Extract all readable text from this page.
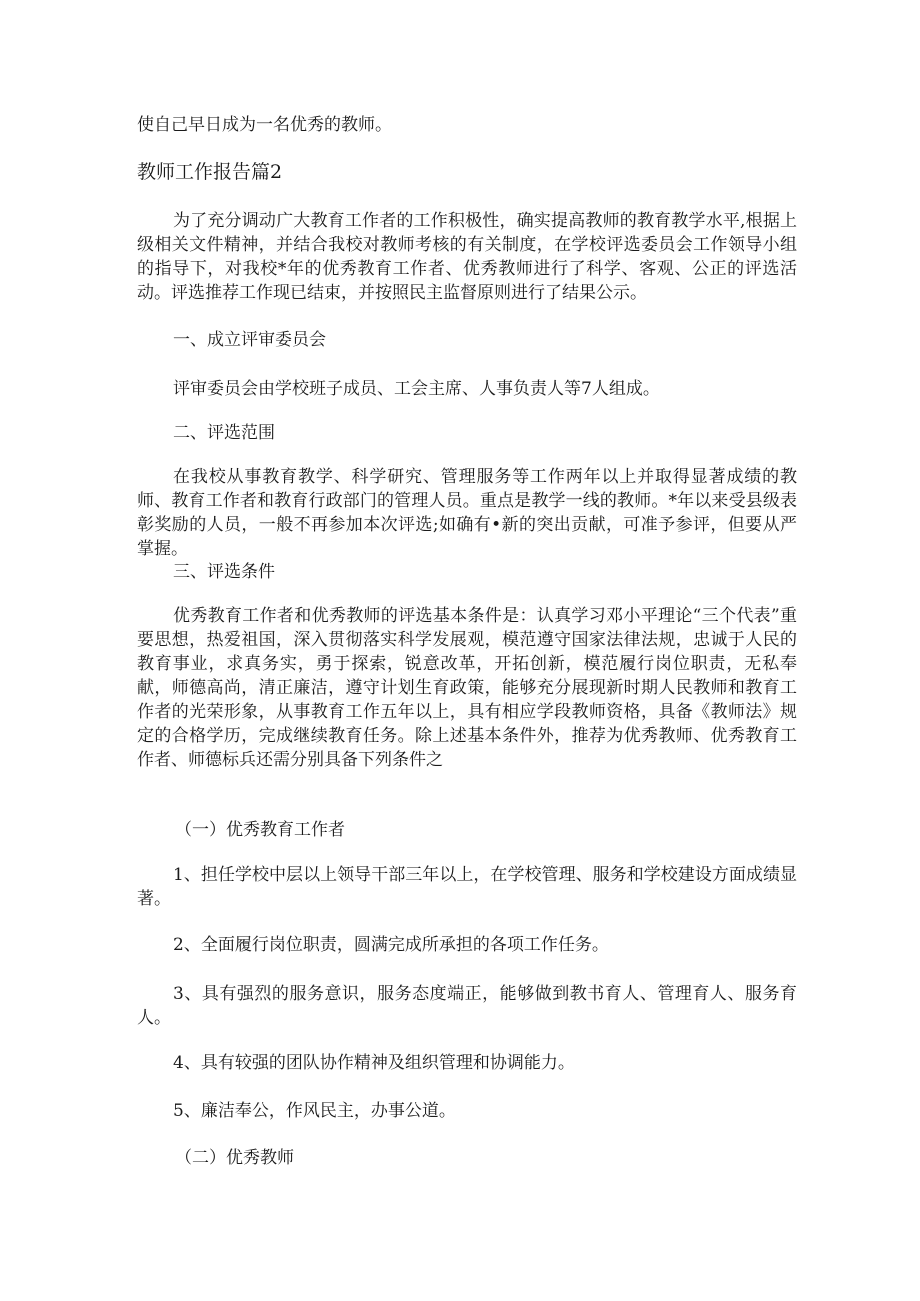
使自己早日成为一名优秀的教师。

教师工作报告篇2

为了充分调动广大教育工作者的工作积极性，确实提高教师的教育教学水平,根据上级相关文件精神，并结合我校对教师考核的有关制度，在学校评选委员会工作领导小组的指导下，对我校*年的优秀教育工作者、优秀教师进行了科学、客观、公正的评选活动。评选推荐工作现已结束，并按照民主监督原则进行了结果公示。

一、成立评审委员会

评审委员会由学校班子成员、工会主席、人事负责人等7人组成。

二、评选范围

在我校从事教育教学、科学研究、管理服务等工作两年以上并取得显著成绩的教师、教育工作者和教育行政部门的管理人员。重点是教学一线的教师。*年以来受县级表彰奖励的人员，一般不再参加本次评选;如确有•新的突出贡献，可准予参评，但要从严掌握。

三、评选条件

优秀教育工作者和优秀教师的评选基本条件是：认真学习邓小平理论“三个代表”重要思想，热爱祖国，深入贯彻落实科学发展观，模范遵守国家法律法规，忠诚于人民的教育事业，求真务实，勇于探索，锐意改革，开拓创新，模范履行岗位职责，无私奉献，师德高尚，清正廉洁，遵守计划生育政策，能够充分展现新时期人民教师和教育工作者的光荣形象，从事教育工作五年以上，具有相应学段教师资格，具备《教师法》规定的合格学历，完成继续教育任务。除上述基本条件外，推荐为优秀教师、优秀教育工作者、师德标兵还需分别具备下列条件之

（一）优秀教育工作者

1、担任学校中层以上领导干部三年以上，在学校管理、服务和学校建设方面成绩显著。

2、全面履行岗位职责，圆满完成所承担的各项工作任务。

3、具有强烈的服务意识，服务态度端正，能够做到教书育人、管理育人、服务育人。

4、具有较强的团队协作精神及组织管理和协调能力。

5、廉洁奉公，作风民主，办事公道。

（二）优秀教师
